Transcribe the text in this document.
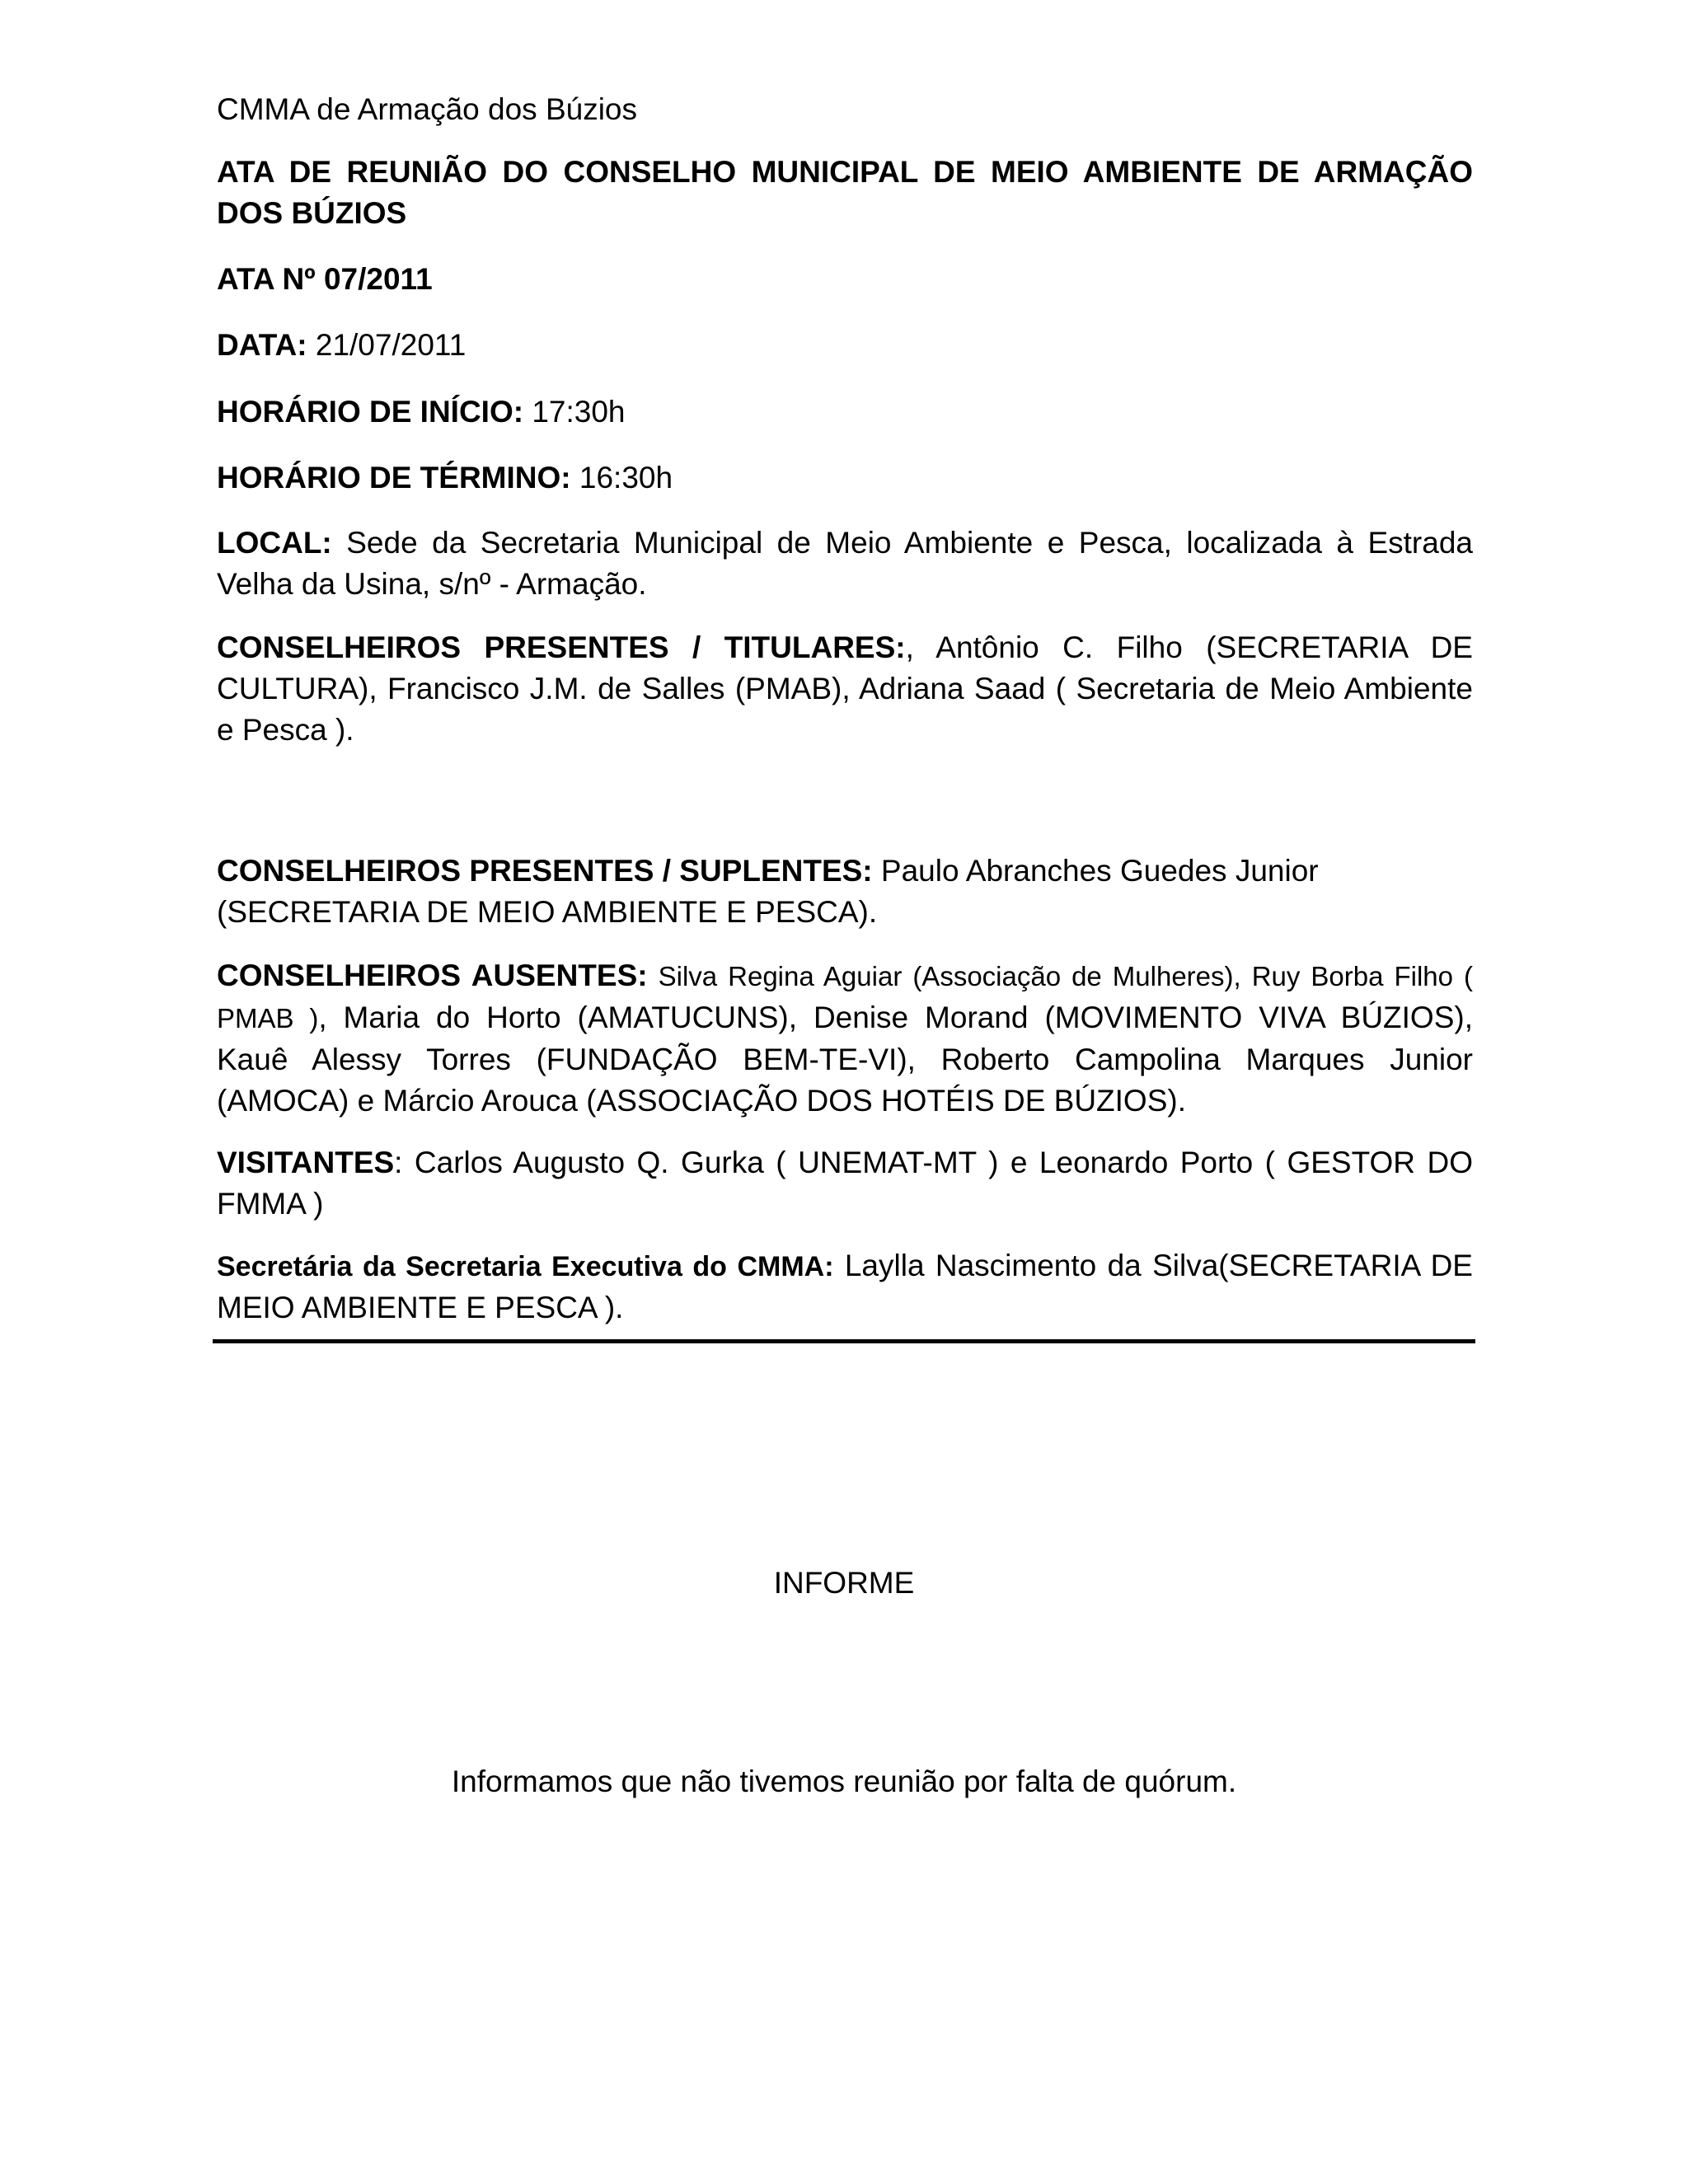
CMMA de Armação dos Búzios

ATA DE REUNIÃO DO CONSELHO MUNICIPAL DE MEIO AMBIENTE DE ARMAÇÃO DOS BÚZIOS

ATA Nº 07/2011

DATA: 21/07/2011

HORÁRIO DE INÍCIO: 17:30h

HORÁRIO DE TÉRMINO: 16:30h

LOCAL: Sede da Secretaria Municipal de Meio Ambiente e Pesca, localizada à Estrada Velha da Usina, s/nº - Armação.

CONSELHEIROS PRESENTES / TITULARES:, Antônio C. Filho (SECRETARIA DE CULTURA), Francisco J.M. de Salles (PMAB), Adriana Saad ( Secretaria de Meio Ambiente e Pesca ).

CONSELHEIROS PRESENTES / SUPLENTES: Paulo Abranches Guedes Junior (SECRETARIA DE MEIO AMBIENTE E PESCA).

CONSELHEIROS AUSENTES: Silva Regina Aguiar (Associação de Mulheres), Ruy Borba Filho ( PMAB ), Maria do Horto (AMATUCUNS), Denise Morand (MOVIMENTO VIVA BÚZIOS), Kauê Alessy Torres (FUNDAÇÃO BEM-TE-VI), Roberto Campolina Marques Junior (AMOCA) e Márcio Arouca (ASSOCIAÇÃO DOS HOTÉIS DE BÚZIOS).

VISITANTES: Carlos Augusto Q. Gurka ( UNEMAT-MT ) e Leonardo Porto ( GESTOR DO FMMA )

Secretária da Secretaria Executiva do CMMA: Laylla Nascimento da Silva(SECRETARIA DE MEIO AMBIENTE E PESCA ).

INFORME

Informamos que não tivemos reunião por falta de quórum.
